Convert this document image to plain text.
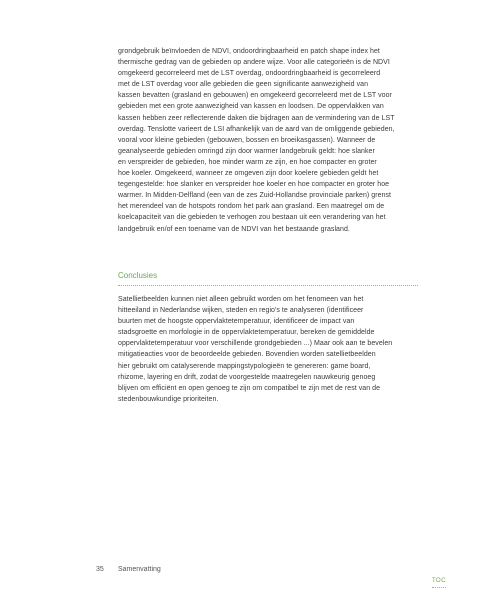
grondgebruik beïnvloeden de NDVI, ondoordringbaarheid en patch shape index het
thermische gedrag van de gebieden op andere wijze. Voor alle categorieën is de NDVI
omgekeerd gecorreleerd met de LST overdag, ondoordringbaarheid is gecorreleerd
met de LST overdag voor alle gebieden die geen significante aanwezigheid van
kassen bevatten (grasland en gebouwen) en omgekeerd gecorreleerd met de LST voor
gebieden met een grote aanwezigheid van kassen en loodsen. De oppervlakken van
kassen hebben zeer reflecterende daken die bijdragen aan de vermindering van de LST
overdag. Tenslotte varieert de LSI afhankelijk van de aard van de omliggende gebieden,
vooral voor kleine gebieden (gebouwen, bossen en broeikasgassen). Wanneer de
geanalyseerde gebieden omringd zijn door warmer landgebruik geldt: hoe slanker
en verspreider de gebieden, hoe minder warm ze zijn, en hoe compacter en groter
hoe koeler. Omgekeerd, wanneer ze omgeven zijn door koelere gebieden geldt het
tegengestelde: hoe slanker en verspreider hoe koeler en hoe compacter en groter hoe
warmer. In Midden-Delfland (een van de zes Zuid-Hollandse provinciale parken) grenst
het merendeel van de hotspots rondom het park aan grasland. Een maatregel om de
koelcapaciteit van die gebieden te verhogen zou bestaan uit een verandering van het
landgebruik en/of een toename van de NDVI van het bestaande grasland.

Conclusies

Satellietbeelden kunnen niet alleen gebruikt worden om het fenomeen van het
hitteeiland in Nederlandse wijken, steden en regio's te analyseren (identificeer
buurten met de hoogste oppervlaktetemperatuur, identificeer de impact van
stadsgroette en morfologie in de oppervlaktetemperatuur, bereken de gemiddelde
oppervlaktetemperatuur voor verschillende grondgebieden ...) Maar ook aan te bevelen
mitigatieacties voor de beoordeelde gebieden. Bovendien worden satellietbeelden
hier gebruikt om catalyserende mappingstypologieën te genereren: game board,
rhizome, layering en drift, zodat de voorgestelde maatregelen nauwkeurig genoeg
blijven om efficiënt en open genoeg te zijn om compatibel te zijn met de rest van de
stedenbouwkundige prioriteiten.

35 Samenvatting
TOC
